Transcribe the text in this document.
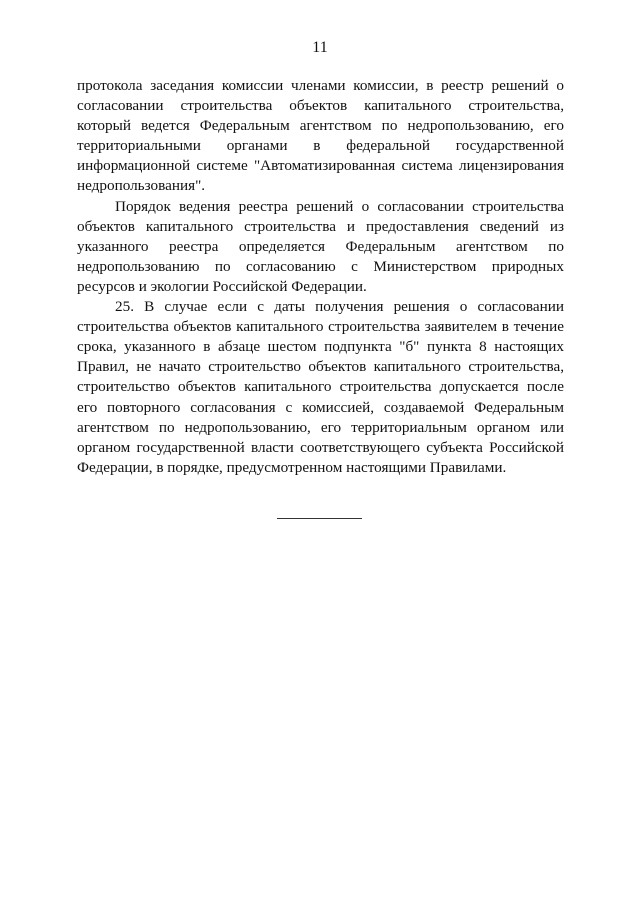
11

протокола заседания комиссии членами комиссии, в реестр решений о согласовании строительства объектов капитального строительства, который ведется Федеральным агентством по недропользованию, его территориальными органами в федеральной государственной информационной системе "Автоматизированная система лицензирования недропользования".

Порядок ведения реестра решений о согласовании строительства объектов капитального строительства и предоставления сведений из указанного реестра определяется Федеральным агентством по недропользованию по согласованию с Министерством природных ресурсов и экологии Российской Федерации.

25. В случае если с даты получения решения о согласовании строительства объектов капитального строительства заявителем в течение срока, указанного в абзаце шестом подпункта "б" пункта 8 настоящих Правил, не начато строительство объектов капитального строительства, строительство объектов капитального строительства допускается после его повторного согласования с комиссией, создаваемой Федеральным агентством по недропользованию, его территориальным органом или органом государственной власти соответствующего субъекта Российской Федерации, в порядке, предусмотренном настоящими Правилами.
